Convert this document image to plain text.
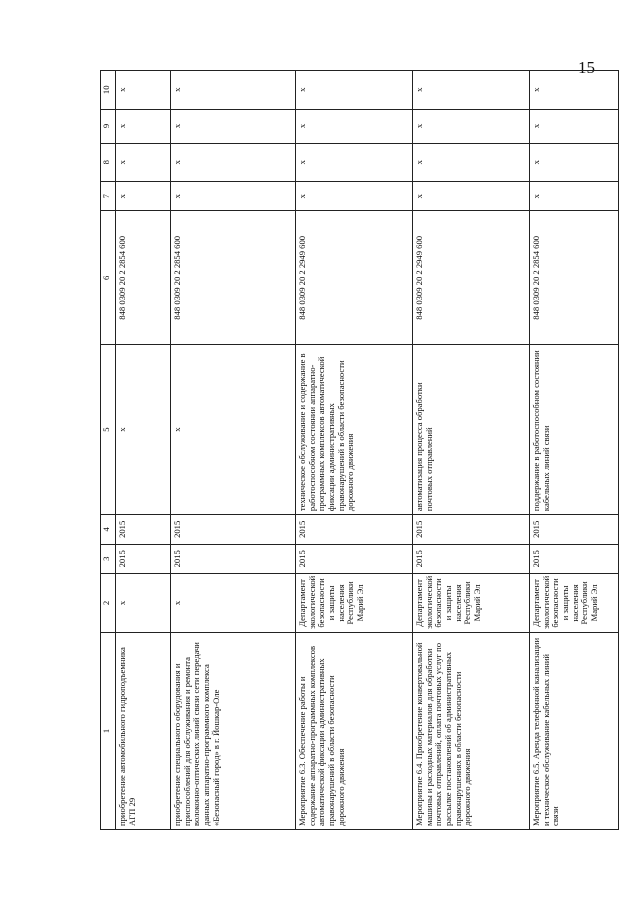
15
1	2	3	4	5	6	7	8	9	10
приобретение автомобильного гидроподъемника АГП 29	x	2015	2015	x	848 0309 20 2 2854 600	x	x	x	x
приобретение специального оборудования и приспособлений для обслуживания и ремонта волоконно-оптических линий связи сети передачи данных аппаратно-программного комплекса «Безопасный город» в г. Йошкар-Оле	x	2015	2015	x	848 0309 20 2 2854 600	x	x	x	x
Мероприятие 6.3. Обеспечение работы и содержание аппаратно-программных комплексов автоматической фиксации административных правонарушений в области безопасности дорожного движения	Департамент экологической безопасности и защиты населения Республики Марий Эл	2015	2015	техническое обслуживание и содержание в работоспособном состоянии аппаратно-программных комплексов автоматической фиксации административных правонарушений в области безопасности дорожного движения	848 0309 20 2 2949 600	x	x	x	x
Мероприятие 6.4. Приобретение конвертовальной машины и расходных материалов для обработки почтовых отправлений, оплата почтовых услуг по рассылке постановлений об административных правонарушениях в области безопасности дорожного движения	Департамент экологической безопасности и защиты населения Республики Марий Эл	2015	2015	автоматизация процесса обработки почтовых отправлений	848 0309 20 2 2949 600	x	x	x	x
Мероприятие 6.5. Аренда телефонной канализации и техническое обслуживание кабельных линий связи	Департамент экологической безопасности и защиты населения Республики Марий Эл	2015	2015	поддержание в работоспособном состоянии кабельных линий связи	848 0309 20 2 2854 600	x	x	x	x
